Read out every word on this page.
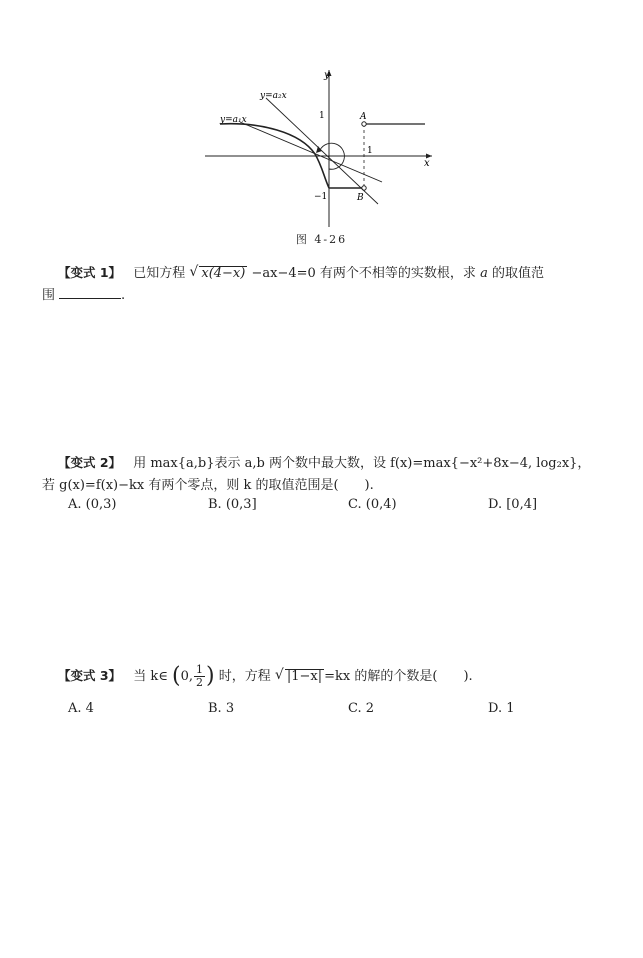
y
x
1
−1
1
A
B
y=a₂x
y=a₁x
图 4-26
【变式 1】 已知方程 √ x(4−x) −ax−4=0 有两个不相等的实数根，求 a 的取值范
围	.
【变式 2】 用 max{a,b}表示 a,b 两个数中最大数，设 f(x)=max{−x²+8x−4, log₂x}，
若 g(x)=f(x)−kx 有两个零点，则 k 的取值范围是(　　).
A. (0,3)	B. (0,3]	C. (0,4)	D. [0,4]
【变式 3】 当 k∈ (0, $\frac{1}{2}$ ) 时，方程 √ |1−x| =kx 的解的个数是(　　).
A. 4	B. 3	C. 2	D. 1
